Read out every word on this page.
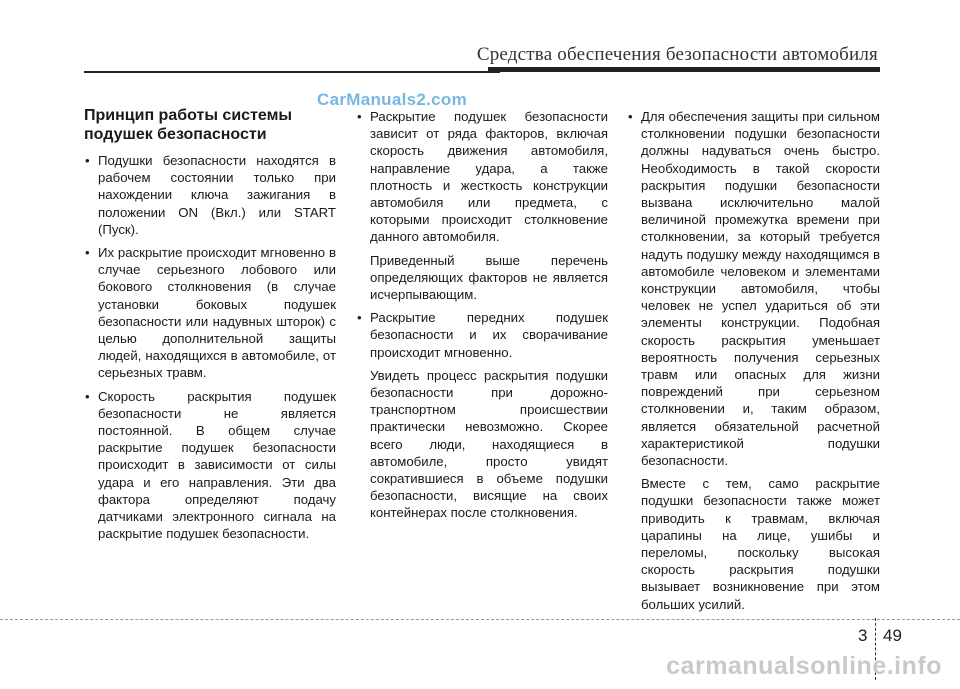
Средства обеспечения безопасности автомобиля
CarManuals2.com
Принцип работы системы подушек безопасности
• Подушки безопасности находятся в рабочем состоянии только при нахождении ключа зажигания в положении ON (Вкл.) или START (Пуск).
• Их раскрытие происходит мгновенно в случае серьезного лобового или бокового столкновения (в случае установки боковых подушек безопасности или надувных шторок) с целью дополнительной защиты людей, находящихся в автомобиле, от серьезных травм.
• Скорость раскрытия подушек безопасности не является постоянной. В общем случае раскрытие подушек безопасности происходит в зависимости от силы удара и его направления. Эти два фактора определяют подачу датчиками электронного сигнала на раскрытие подушек безопасности.
• Раскрытие подушек безопасности зависит от ряда факторов, включая скорость движения автомобиля, направление удара, а также плотность и жесткость конструкции автомобиля или предмета, с которыми происходит столкновение данного автомобиля.
Приведенный выше перечень определяющих факторов не является исчерпывающим.
• Раскрытие передних подушек безопасности и их сворачивание происходит мгновенно.
Увидеть процесс раскрытия подушки безопасности при дорожно-транспортном происшествии практически невозможно. Скорее всего люди, находящиеся в автомобиле, просто увидят сократившиеся в объеме подушки безопасности, висящие на своих контейнерах после столкновения.
• Для обеспечения защиты при сильном столкновении подушки безопасности должны надуваться очень быстро. Необходимость в такой скорости раскрытия подушки безопасности вызвана исключительно малой величиной промежутка времени при столкновении, за который требуется надуть подушку между находящимся в автомобиле человеком и элементами конструкции автомобиля, чтобы человек не успел удариться об эти элементы конструкции. Подобная скорость раскрытия уменьшает вероятность получения серьезных травм или опасных для жизни повреждений при серьезном столкновении и, таким образом, является обязательной расчетной характеристикой подушки безопасности.
Вместе с тем, само раскрытие подушки безопасности также может приводить к травмам, включая царапины на лице, ушибы и переломы, поскольку высокая скорость раскрытия подушки вызывает возникновение при этом больших усилий.
3 49
carmanualsonline.info
